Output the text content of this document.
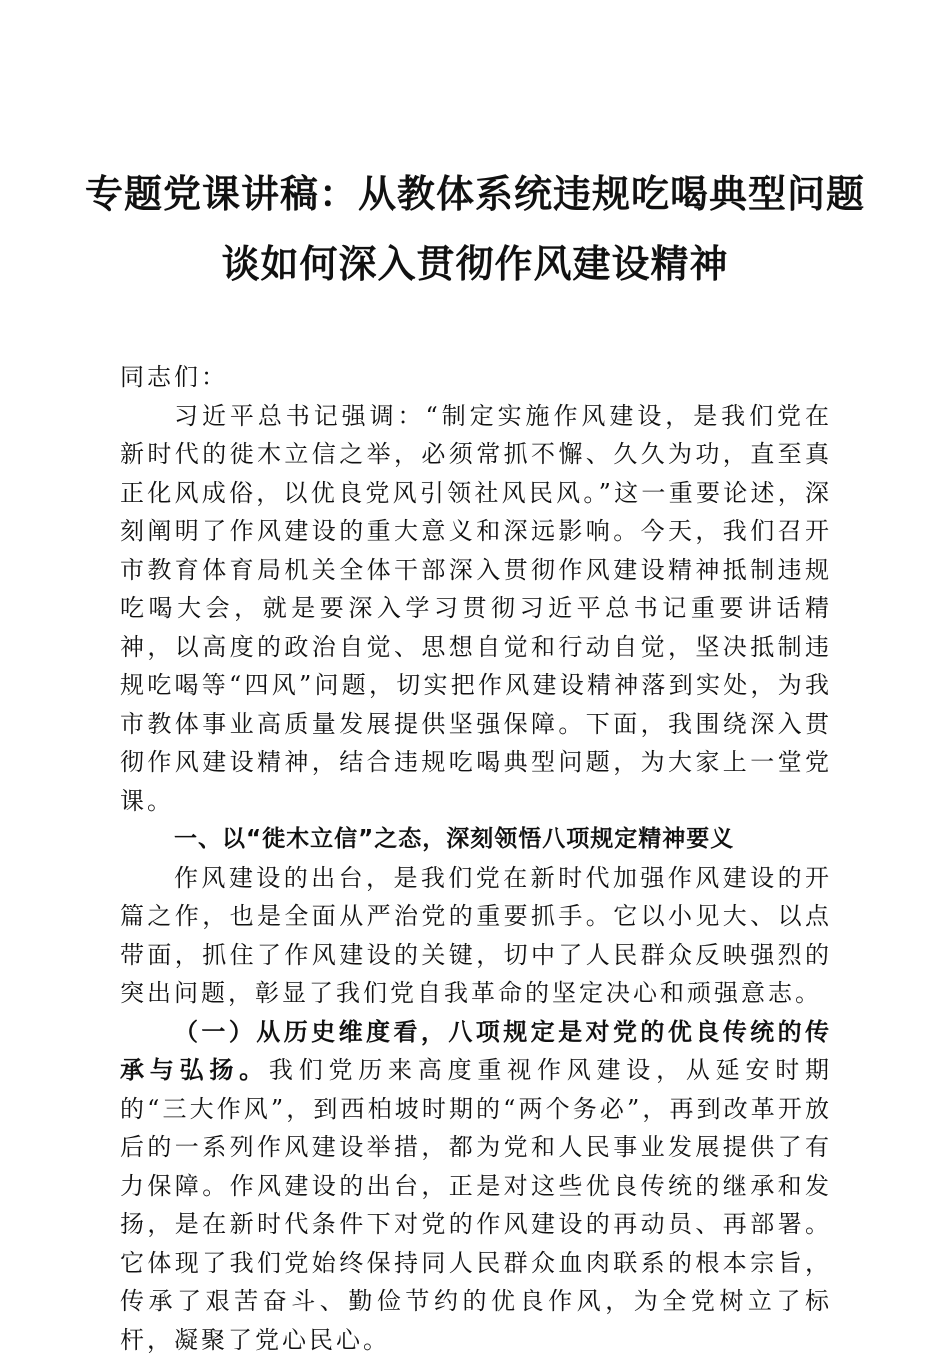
专题党课讲稿：从教体系统违规吃喝典型问题
谈如何深入贯彻作风建设精神

同志们：

习近平总书记强调：“制定实施作风建设，是我们党在新时代的徙木立信之举，必须常抓不懈、久久为功，直至真正化风成俗，以优良党风引领社风民风。”这一重要论述，深刻阐明了作风建设的重大意义和深远影响。今天，我们召开市教育体育局机关全体干部深入贯彻作风建设精神抵制违规吃喝大会，就是要深入学习贯彻习近平总书记重要讲话精神，以高度的政治自觉、思想自觉和行动自觉，坚决抵制违规吃喝等“四风”问题，切实把作风建设精神落到实处，为我市教体事业高质量发展提供坚强保障。下面，我围绕深入贯彻作风建设精神，结合违规吃喝典型问题，为大家上一堂党课。

一、以“徙木立信”之态，深刻领悟八项规定精神要义

作风建设的出台，是我们党在新时代加强作风建设的开篇之作，也是全面从严治党的重要抓手。它以小见大、以点带面，抓住了作风建设的关键，切中了人民群众反映强烈的突出问题，彰显了我们党自我革命的坚定决心和顽强意志。

（一）从历史维度看，八项规定是对党的优良传统的传承与弘扬。我们党历来高度重视作风建设，从延安时期的“三大作风”，到西柏坡时期的“两个务必”，再到改革开放后的一系列作风建设举措，都为党和人民事业发展提供了有力保障。作风建设的出台，正是对这些优良传统的继承和发扬，是在新时代条件下对党的作风建设的再动员、再部署。它体现了我们党始终保持同人民群众血肉联系的根本宗旨，传承了艰苦奋斗、勤俭节约的优良作风，为全党树立了标杆，凝聚了党心民心。
